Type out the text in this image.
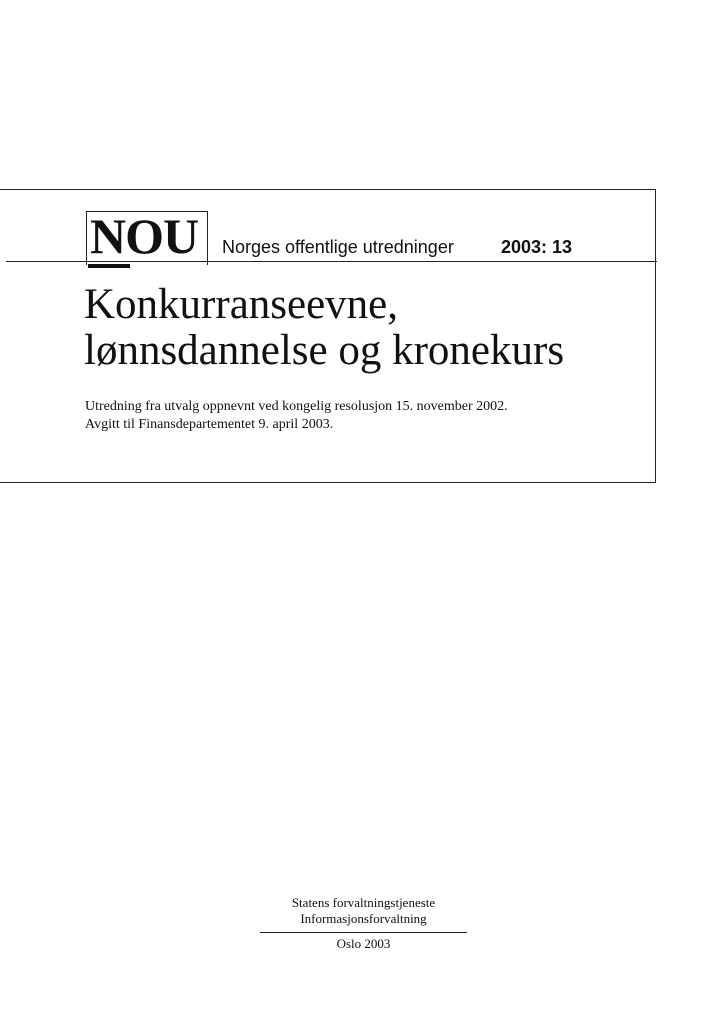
NOU Norges offentlige utredninger	2003: 13
Konkurranseevne,
lønnsdannelse og kronekurs
Utredning fra utvalg oppnevnt ved kongelig resolusjon 15. november 2002.
Avgitt til Finansdepartementet 9. april 2003.
Statens forvaltningstjeneste
Informasjonsforvaltning
Oslo 2003
